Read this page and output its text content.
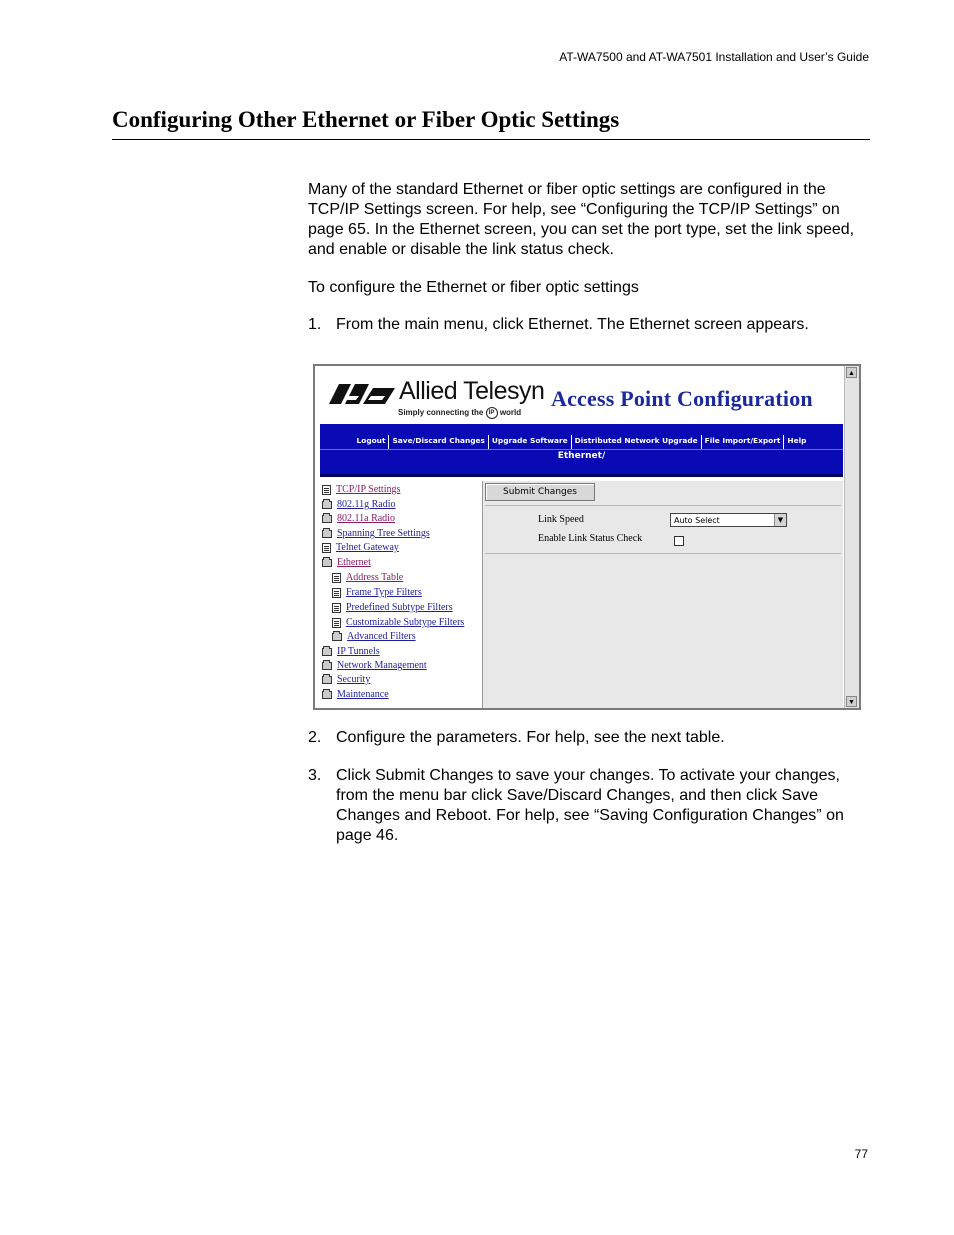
AT-WA7500 and AT-WA7501 Installation and User’s Guide
Configuring Other Ethernet or Fiber Optic Settings

Many of the standard Ethernet or fiber optic settings are configured in the TCP/IP Settings screen. For help, see “Configuring the TCP/IP Settings” on page 65. In the Ethernet screen, you can set the port type, set the link speed, and enable or disable the link status check.

To configure the Ethernet or fiber optic settings

1. From the main menu, click Ethernet. The Ethernet screen appears.
Allied Telesyn
Simply connecting the IP world
Access Point Configuration
Logout Save/Discard Changes Upgrade Software Distributed Network Upgrade File Import/Export Help
Ethernet/
TCP/IP Settings
802.11g Radio
802.11a Radio
Spanning Tree Settings
Telnet Gateway
Ethernet
Address Table
Frame Type Filters
Predefined Subtype Filters
Customizable Subtype Filters
Advanced Filters
IP Tunnels
Network Management
Security
Maintenance
Submit Changes
Link Speed	Auto Select	▼
Enable Link Status Check
▲
▼
2. Configure the parameters. For help, see the next table.
3. Click Submit Changes to save your changes. To activate your changes, from the menu bar click Save/Discard Changes, and then click Save Changes and Reboot. For help, see “Saving Configuration Changes” on page 46.
77
